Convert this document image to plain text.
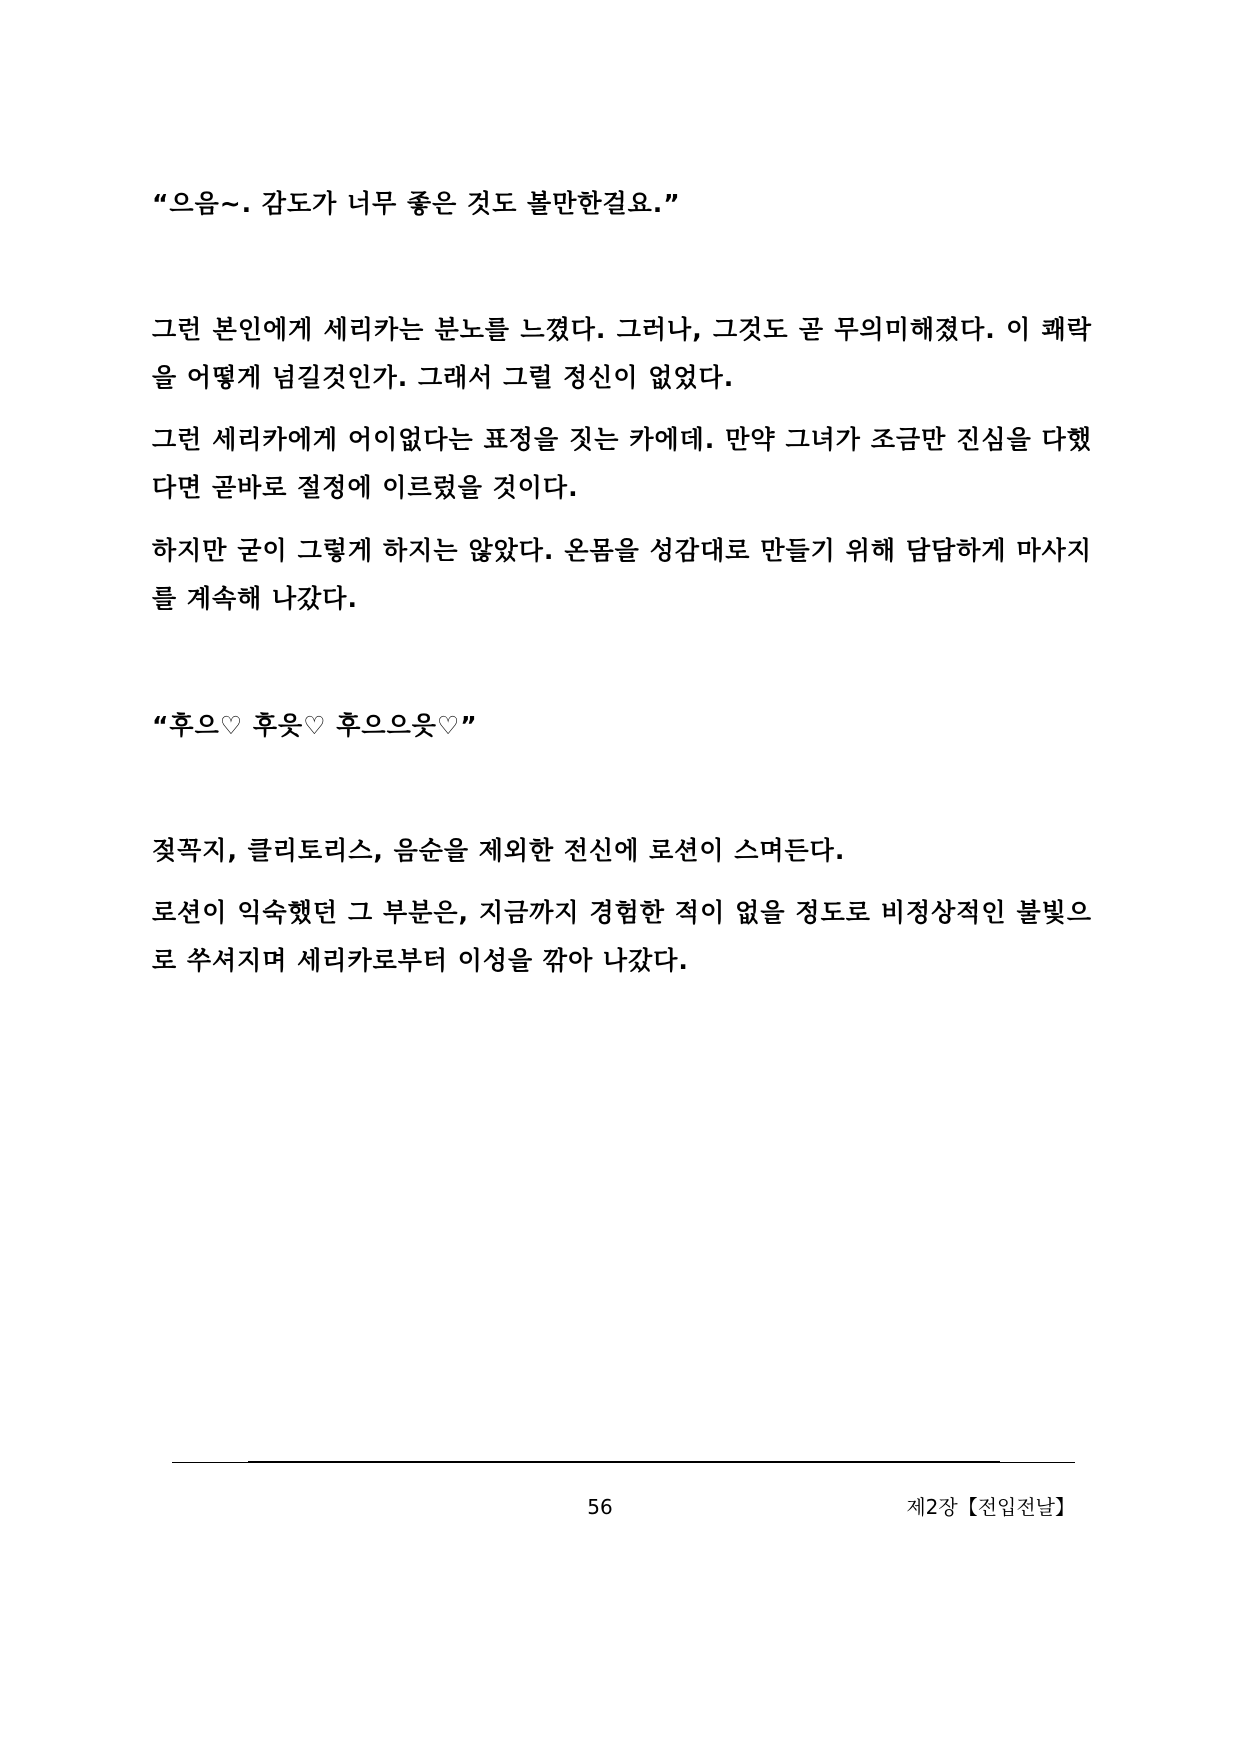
“으음~. 감도가 너무 좋은 것도 볼만한걸요.”

그런 본인에게 세리카는 분노를 느꼈다. 그러나, 그것도 곧 무의미해졌다. 이 쾌락을 어떻게 넘길것인가. 그래서 그럴 정신이 없었다.

그런 세리카에게 어이없다는 표정을 짓는 카에데. 만약 그녀가 조금만 진심을 다했다면 곧바로 절정에 이르렀을 것이다.

하지만 굳이 그렇게 하지는 않았다. 온몸을 성감대로 만들기 위해 담담하게 마사지를 계속해 나갔다.

“후으♡ 후읏♡ 후으으읏♡”

젖꼭지, 클리토리스, 음순을 제외한 전신에 로션이 스며든다.

로션이 익숙했던 그 부분은, 지금까지 경험한 적이 없을 정도로 비정상적인 불빛으로 쑤셔지며 세리카로부터 이성을 깎아 나갔다.

56	제2장【전입전날】
